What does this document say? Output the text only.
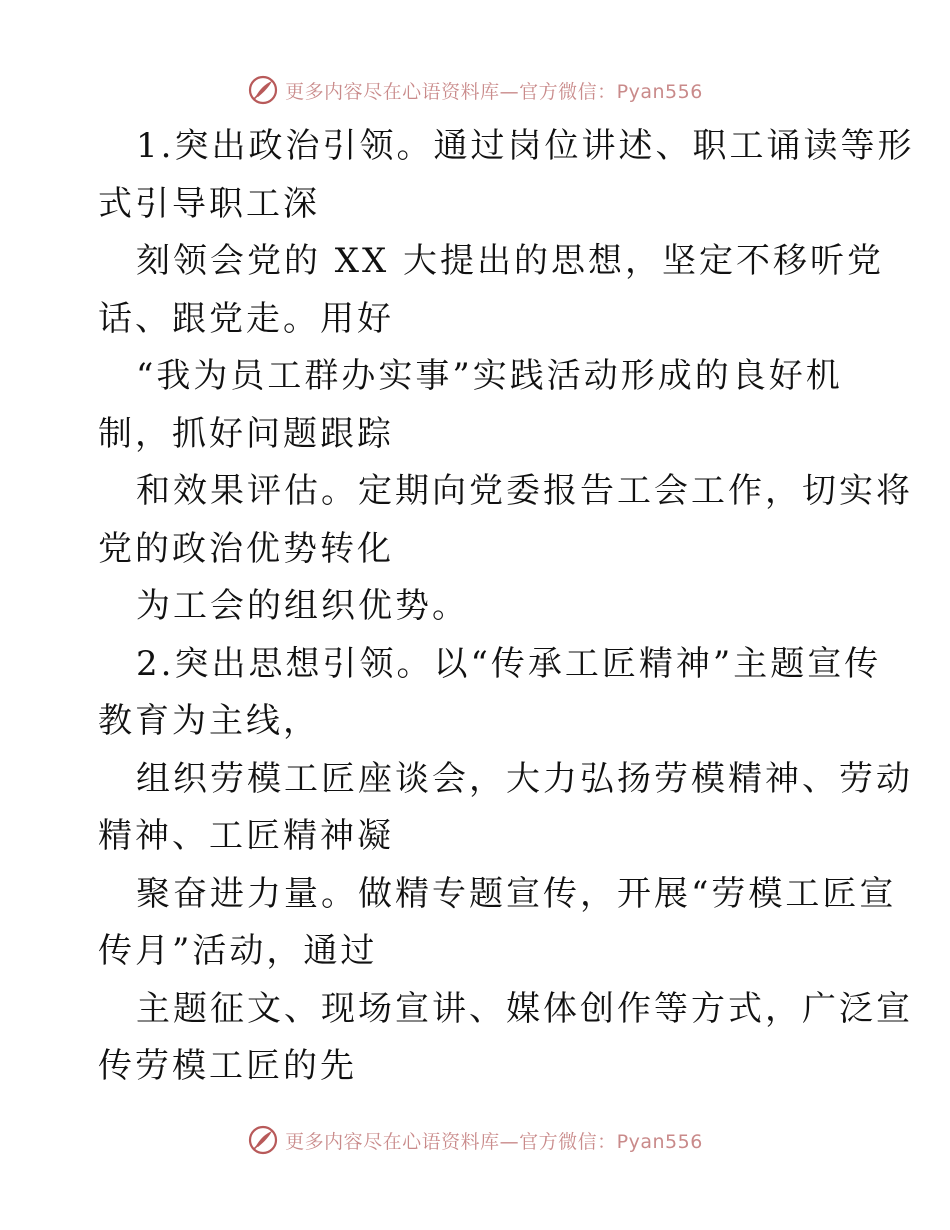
更多内容尽在心语资料库—官方微信：Pyan556
1.突出政治引领。通过岗位讲述、职工诵读等形
式引导职工深
刻领会党的 XX 大提出的思想，坚定不移听党
话、跟党走。用好
“我为员工群办实事”实践活动形成的良好机
制，抓好问题跟踪
和效果评估。定期向党委报告工会工作，切实将
党的政治优势转化
为工会的组织优势。
2.突出思想引领。以“传承工匠精神”主题宣传
教育为主线，
组织劳模工匠座谈会，大力弘扬劳模精神、劳动
精神、工匠精神凝
聚奋进力量。做精专题宣传，开展“劳模工匠宣
传月”活动，通过
主题征文、现场宣讲、媒体创作等方式，广泛宣
传劳模工匠的先
更多内容尽在心语资料库—官方微信：Pyan556
